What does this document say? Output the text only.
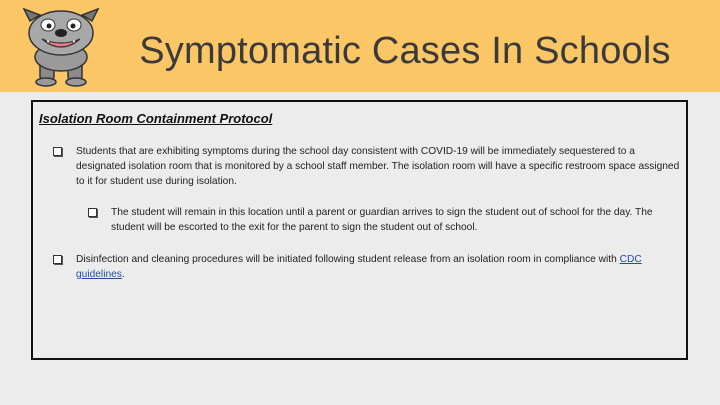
Symptomatic Cases In Schools
Isolation Room Containment Protocol
Students that are exhibiting symptoms during the school day consistent with COVID-19 will be immediately sequestered to a designated isolation room that is monitored by a school staff member. The isolation room will have a specific restroom space assigned to it for student use during isolation.
The student will remain in this location until a parent or guardian arrives to sign the student out of school for the day. The student will be escorted to the exit for the parent to sign the student out of school.
Disinfection and cleaning procedures will be initiated following student release from an isolation room in compliance with CDC guidelines.
